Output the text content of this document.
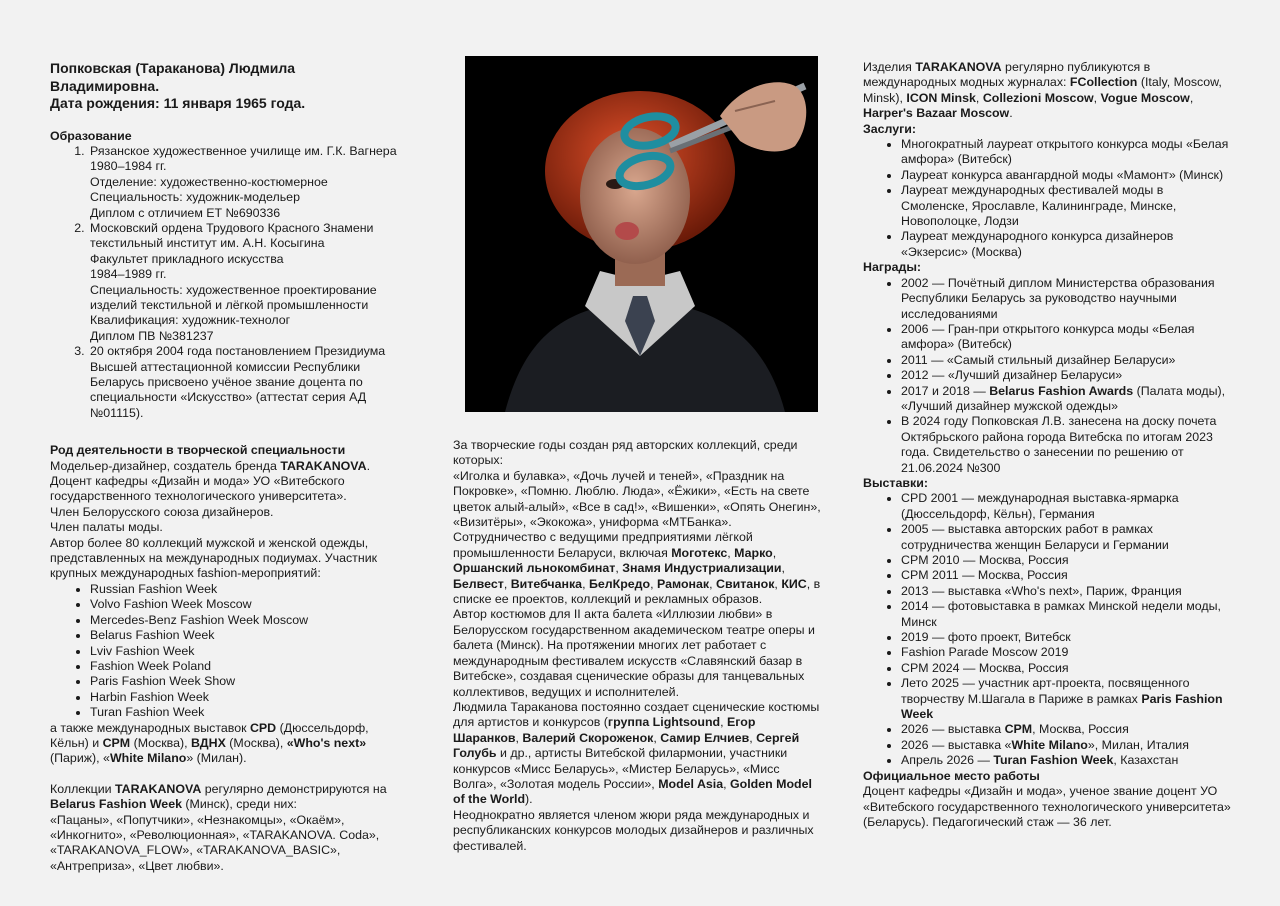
Попковская (Тараканова) Людмила Владимировна.

Дата рождения: 11 января 1965 года.

Образование

1. Рязанское художественное училище им. Г.К. Вагнера
1980–1984 гг.
Отделение: художественно-костюмерное
Специальность: художник-модельер
Диплом с отличием ЕТ №690336
2. Московский ордена Трудового Красного Знамени текстильный институт им. А.Н. Косыгина
Факультет прикладного искусства
1984–1989 гг.
Специальность: художественное проектирование изделий текстильной и лёгкой промышленности
Квалификация: художник-технолог
Диплом ПВ №381237
3. 20 октября 2004 года постановлением Президиума Высшей аттестационной комиссии Республики Беларусь присвоено учёное звание доцента по специальности «Искусство» (аттестат серия АД №01115).

Род деятельности в творческой специальности

Модельер-дизайнер, создатель бренда TARAKANOVA.

Доцент кафедры «Дизайн и мода» УО «Витебского государственного технологического университета».

Член Белорусского союза дизайнеров.

Член палаты моды.

Автор более 80 коллекций мужской и женской одежды, представленных на международных подиумах. Участник крупных международных fashion-мероприятий:

• Russian Fashion Week
• Volvo Fashion Week Moscow
• Mercedes-Benz Fashion Week Moscow
• Belarus Fashion Week
• Lviv Fashion Week
• Fashion Week Poland
• Paris Fashion Week Show
• Harbin Fashion Week
• Turan Fashion Week

а также международных выставок CPD (Дюссельдорф, Кёльн) и CPM (Москва), ВДНХ (Москва), «Who's next» (Париж), «White Milano» (Милан).

Коллекции TARAKANOVA регулярно демонстрируются на Belarus Fashion Week (Минск), среди них:

«Пацаны», «Попутчики», «Незнакомцы», «Окаём», «Инкогнито», «Революционная», «TARAKANOVA. Coda», «TARAKANOVA_FLOW», «TARAKANOVA_BASIC», «Антреприза», «Цвет любви».

За творческие годы создан ряд авторских коллекций, среди которых:

«Иголка и булавка», «Дочь лучей и теней», «Праздник на Покровке», «Помню. Люблю. Люда», «Ёжики», «Есть на свете цветок алый-алый», «Все в сад!», «Вишенки», «Опять Онегин», «Визитёры», «Экокожа», униформа «МТБанка».

Сотрудничество с ведущими предприятиями лёгкой промышленности Беларуси, включая Моготекс, Марко, Оршанский льнокомбинат, Знамя Индустриализации, Белвест, Витебчанка, БелКредо, Рамонак, Свитанок, КИС, в списке ее проектов, коллекций и рекламных образов.

Автор костюмов для II акта балета «Иллюзии любви» в Белорусском государственном академическом театре оперы и балета (Минск). На протяжении многих лет работает с международным фестивалем искусств «Славянский базар в Витебске», создавая сценические образы для танцевальных коллективов, ведущих и исполнителей.

Людмила Тараканова постоянно создает сценические костюмы для артистов и конкурсов (группа Lightsound, Егор Шаранков, Валерий Скороженок, Самир Елчиев, Сергей Голубь и др., артисты Витебской филармонии, участники конкурсов «Мисс Беларусь», «Мистер Беларусь», «Мисс Волга», «Золотая модель России», Model Asia, Golden Model of the World).

Неоднократно является членом жюри ряда международных и республиканских конкурсов молодых дизайнеров и различных фестивалей.

Изделия TARAKANOVA регулярно публикуются в международных модных журналах: FCollection (Italy, Moscow, Minsk), ICON Minsk, Collezioni Moscow, Vogue Moscow, Harper's Bazaar Moscow.

Заслуги:

• Многократный лауреат открытого конкурса моды «Белая амфора» (Витебск)
• Лауреат конкурса авангардной моды «Мамонт» (Минск)
• Лауреат международных фестивалей моды в Смоленске, Ярославле, Калининграде, Минске, Новополоцке, Лодзи
• Лауреат международного конкурса дизайнеров «Экзерсис» (Москва)

Награды:

• 2002 — Почётный диплом Министерства образования Республики Беларусь за руководство научными исследованиями
• 2006 — Гран-при открытого конкурса моды «Белая амфора» (Витебск)
• 2011 — «Самый стильный дизайнер Беларуси»
• 2012 — «Лучший дизайнер Беларуси»
• 2017 и 2018 — Belarus Fashion Awards (Палата моды), «Лучший дизайнер мужской одежды»
• В 2024 году Попковская Л.В. занесена на доску почета Октябрьского района города Витебска по итогам 2023 года. Свидетельство о занесении по решению от 21.06.2024 №300

Выставки:

• CPD 2001 — международная выставка-ярмарка (Дюссельдорф, Кёльн), Германия
• 2005 — выставка авторских работ в рамках сотрудничества женщин Беларуси и Германии
• CPM 2010 — Москва, Россия
• CPM 2011 — Москва, Россия
• 2013 — выставка «Who's next», Париж, Франция
• 2014 — фотовыставка в рамках Минской недели моды, Минск
• 2019 — фото проект, Витебск
• Fashion Parade Moscow 2019
• CPM 2024 — Москва, Россия
• Лето 2025 — участник арт-проекта, посвященного творчеству М.Шагала в Париже в рамках Paris Fashion Week
• 2026 — выставка CPM, Москва, Россия
• 2026 — выставка «White Milano», Милан, Италия
• Апрель 2026 — Turan Fashion Week, Казахстан

Официальное место работы

Доцент кафедры «Дизайн и мода», ученое звание доцент УО «Витебского государственного технологического университета» (Беларусь). Педагогический стаж — 36 лет.
